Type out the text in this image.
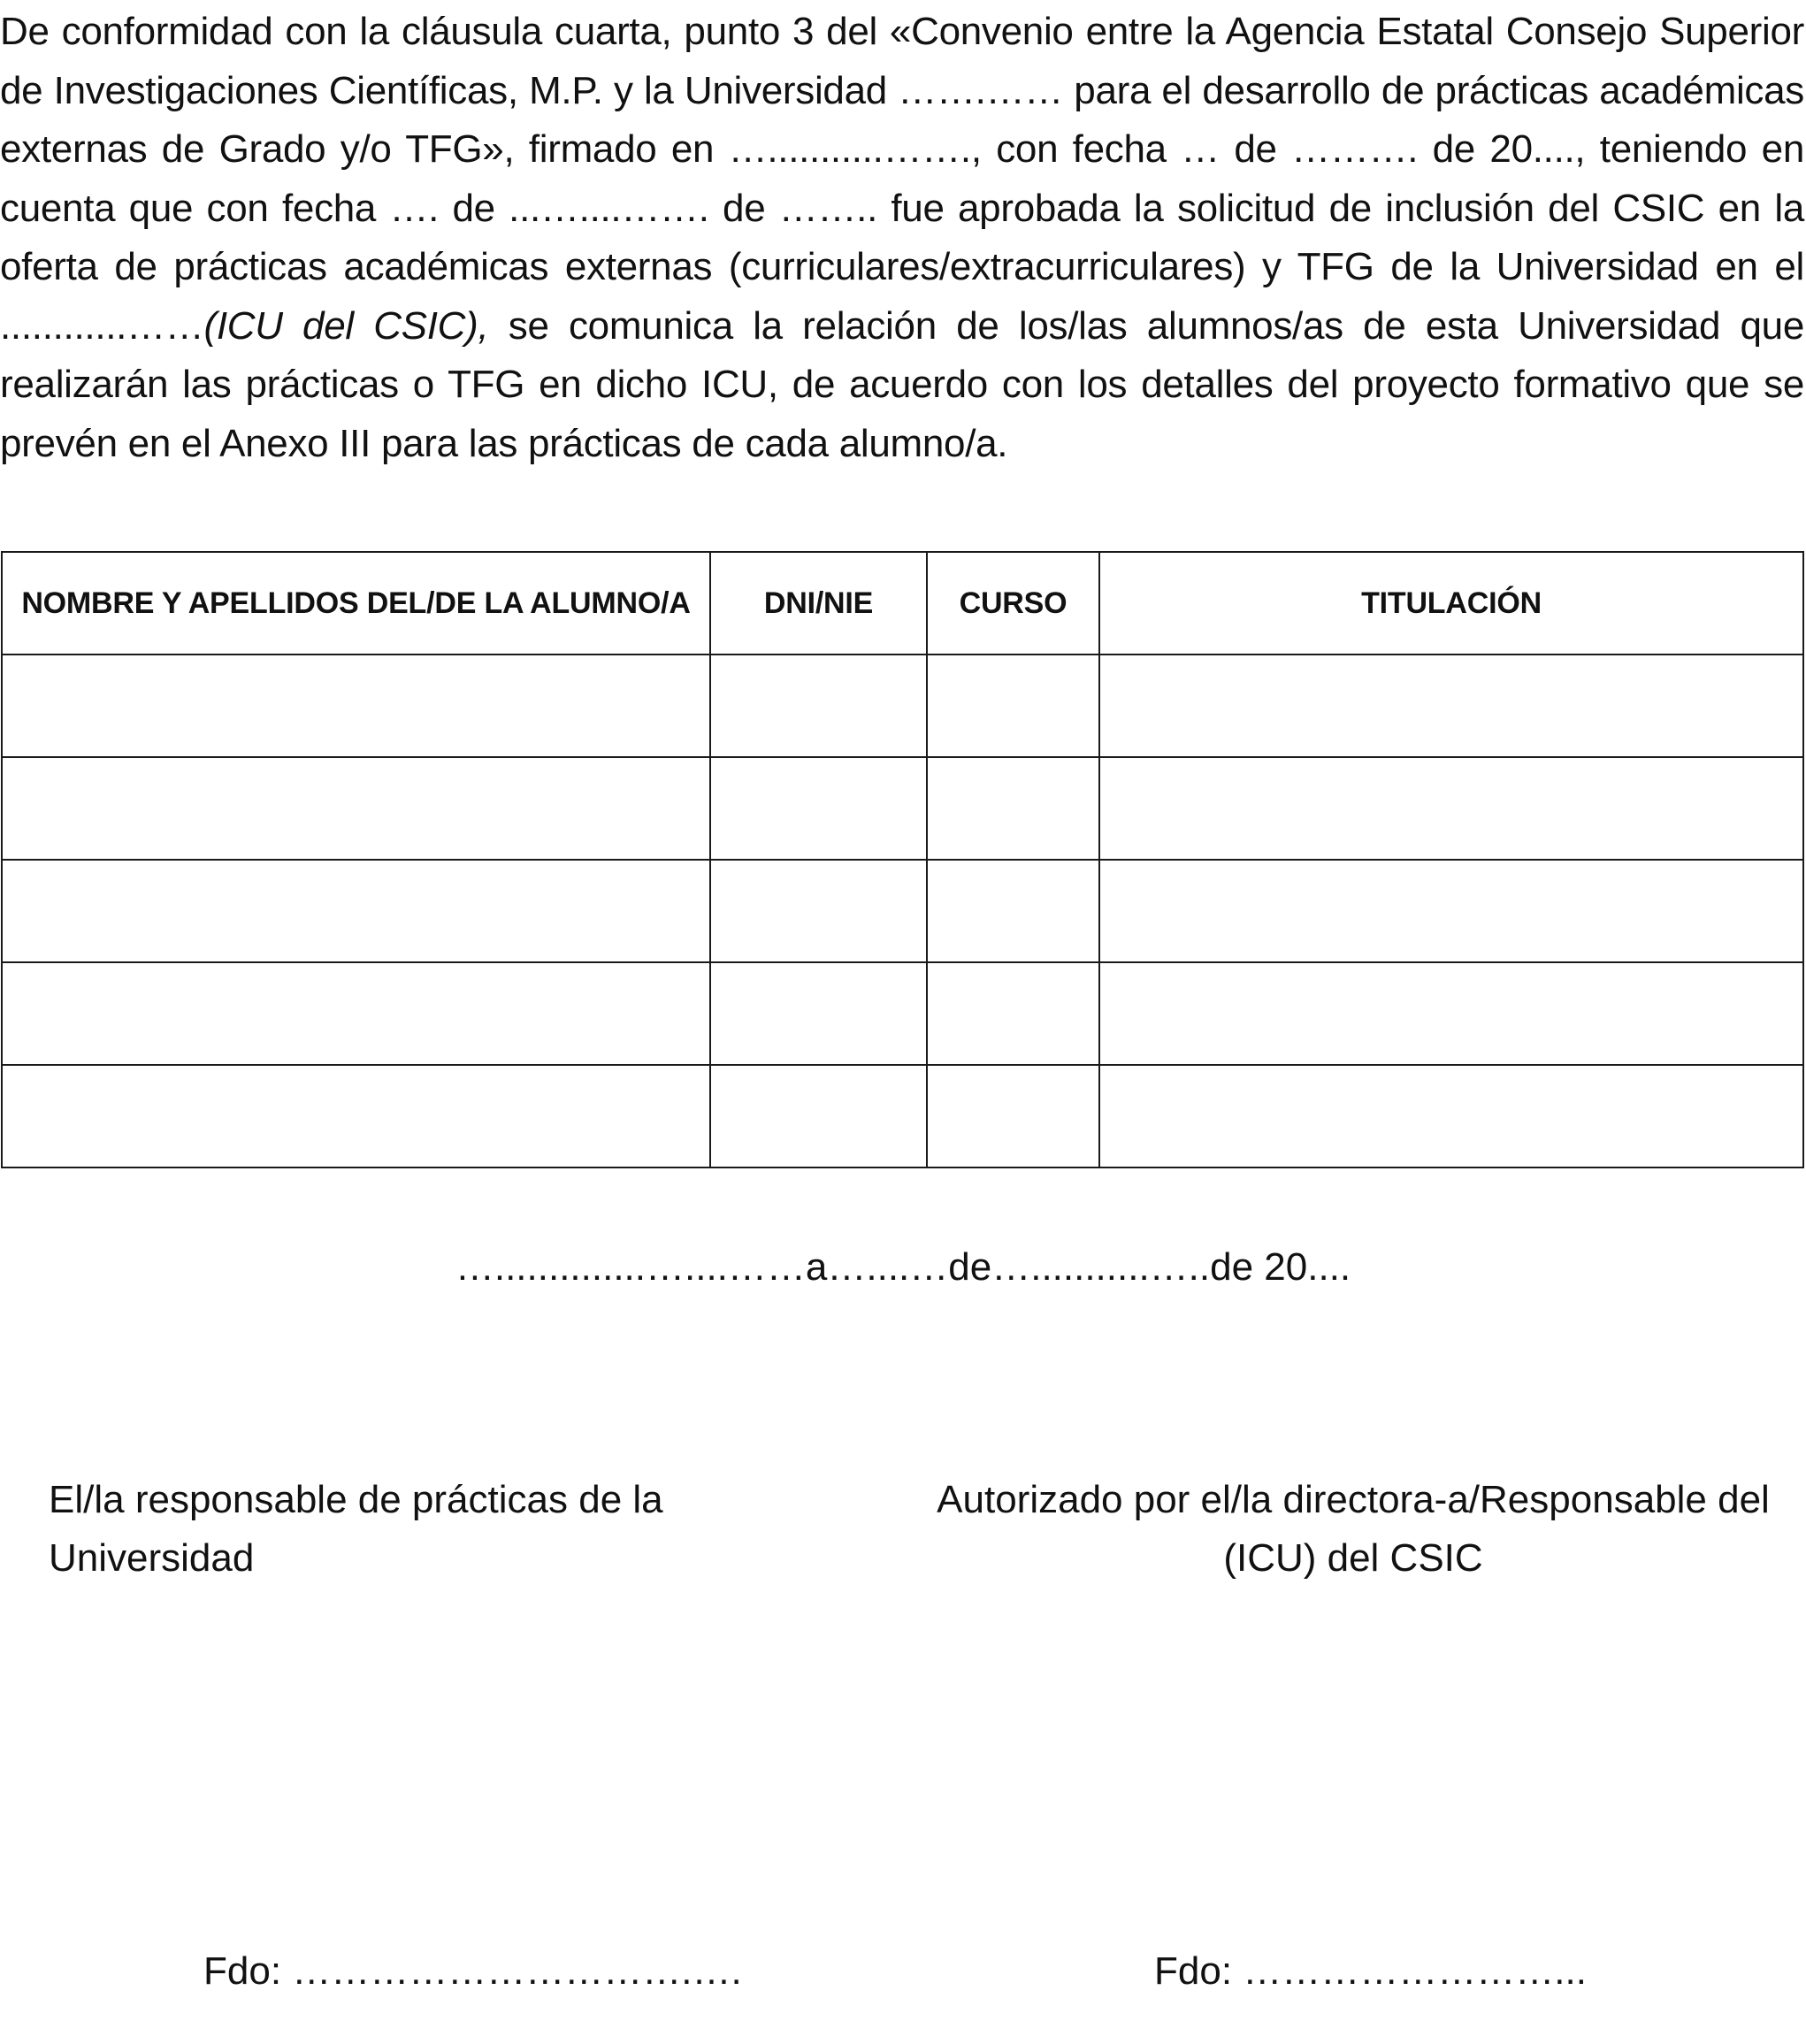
De conformidad con la cláusula cuarta, punto 3 del «Convenio entre la Agencia Estatal Consejo Superior de Investigaciones Científicas, M.P. y la Universidad …….…… para el desarrollo de prácticas académicas externas de Grado y/o TFG», firmado en …...........……., con fecha … de ………. de 20...., teniendo en cuenta que con fecha …. de ...…....……. de …….. fue aprobada la solicitud de inclusión del CSIC en la oferta de prácticas académicas externas (curriculares/extracurriculares) y TFG de la Universidad en el ............……(ICU del CSIC), se comunica la relación de los/las alumnos/as de esta Universidad que realizarán las prácticas o TFG en dicho ICU, de acuerdo con los detalles del proyecto formativo que se prevén en el Anexo III para las prácticas de cada alumno/a.

NOMBRE Y APELLIDOS DEL/DE LA ALUMNO/A	DNI/NIE	CURSO	TITULACIÓN

…..............…....……a…....…de…...........…..de 20....

El/la responsable de prácticas de la Universidad

Autorizado por el/la directora-a/Responsable del
(ICU) del CSIC

Fdo: ………………………….….	Fdo: ……………………...
